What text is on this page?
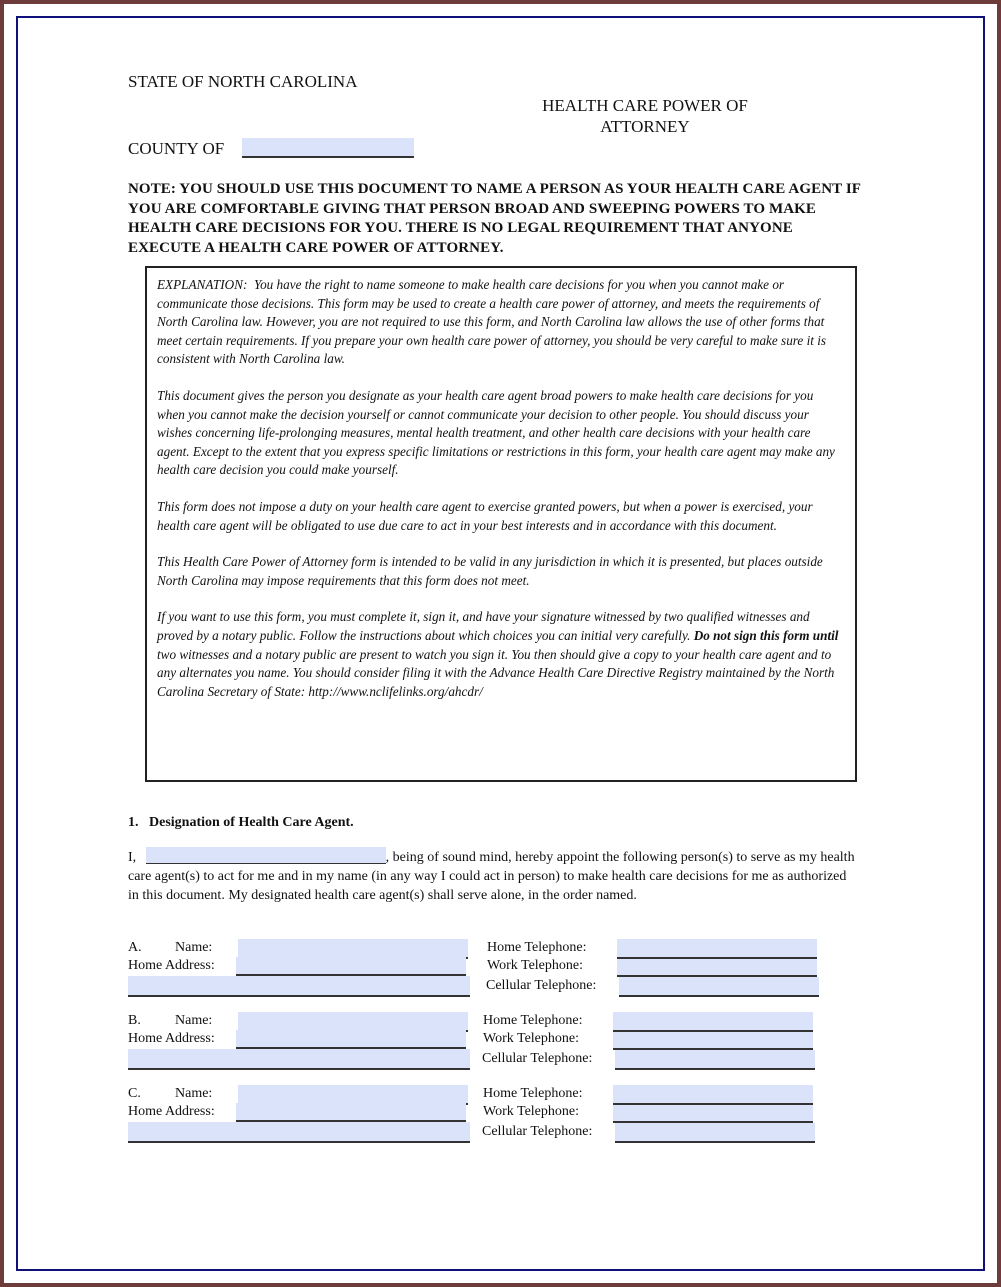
STATE OF NORTH CAROLINA
HEALTH CARE POWER OF
ATTORNEY
COUNTY OF
NOTE: YOU SHOULD USE THIS DOCUMENT TO NAME A PERSON AS YOUR HEALTH CARE AGENT IF YOU ARE COMFORTABLE GIVING THAT PERSON BROAD AND SWEEPING POWERS TO MAKE HEALTH CARE DECISIONS FOR YOU. THERE IS NO LEGAL REQUIREMENT THAT ANYONE EXECUTE A HEALTH CARE POWER OF ATTORNEY.

EXPLANATION: You have the right to name someone to make health care decisions for you when you cannot make or communicate those decisions. This form may be used to create a health care power of attorney, and meets the requirements of North Carolina law. However, you are not required to use this form, and North Carolina law allows the use of other forms that meet certain requirements. If you prepare your own health care power of attorney, you should be very careful to make sure it is consistent with North Carolina law.

This document gives the person you designate as your health care agent broad powers to make health care decisions for you when you cannot make the decision yourself or cannot communicate your decision to other people. You should discuss your wishes concerning life-prolonging measures, mental health treatment, and other health care decisions with your health care agent. Except to the extent that you express specific limitations or restrictions in this form, your health care agent may make any health care decision you could make yourself.

This form does not impose a duty on your health care agent to exercise granted powers, but when a power is exercised, your health care agent will be obligated to use due care to act in your best interests and in accordance with this document.

This Health Care Power of Attorney form is intended to be valid in any jurisdiction in which it is presented, but places outside North Carolina may impose requirements that this form does not meet.

If you want to use this form, you must complete it, sign it, and have your signature witnessed by two qualified witnesses and proved by a notary public. Follow the instructions about which choices you can initial very carefully. Do not sign this form until two witnesses and a notary public are present to watch you sign it. You then should give a copy to your health care agent and to any alternates you name. You should consider filing it with the Advance Health Care Directive Registry maintained by the North Carolina Secretary of State: http://www.nclifelinks.org/ahcdr/

1.   Designation of Health Care Agent.
I,	, being of sound mind, hereby appoint the following person(s) to serve as my health care agent(s) to act for me and in my name (in any way I could act in person) to make health care decisions for me as authorized in this document. My designated health care agent(s) shall serve alone, in the order named.
A. Name:
Home Address:
Home Telephone:
Work Telephone:
Cellular Telephone:
B. Name:
Home Address:
Home Telephone:
Work Telephone:
Cellular Telephone:
C. Name:
Home Address:
Home Telephone:
Work Telephone:
Cellular Telephone:
